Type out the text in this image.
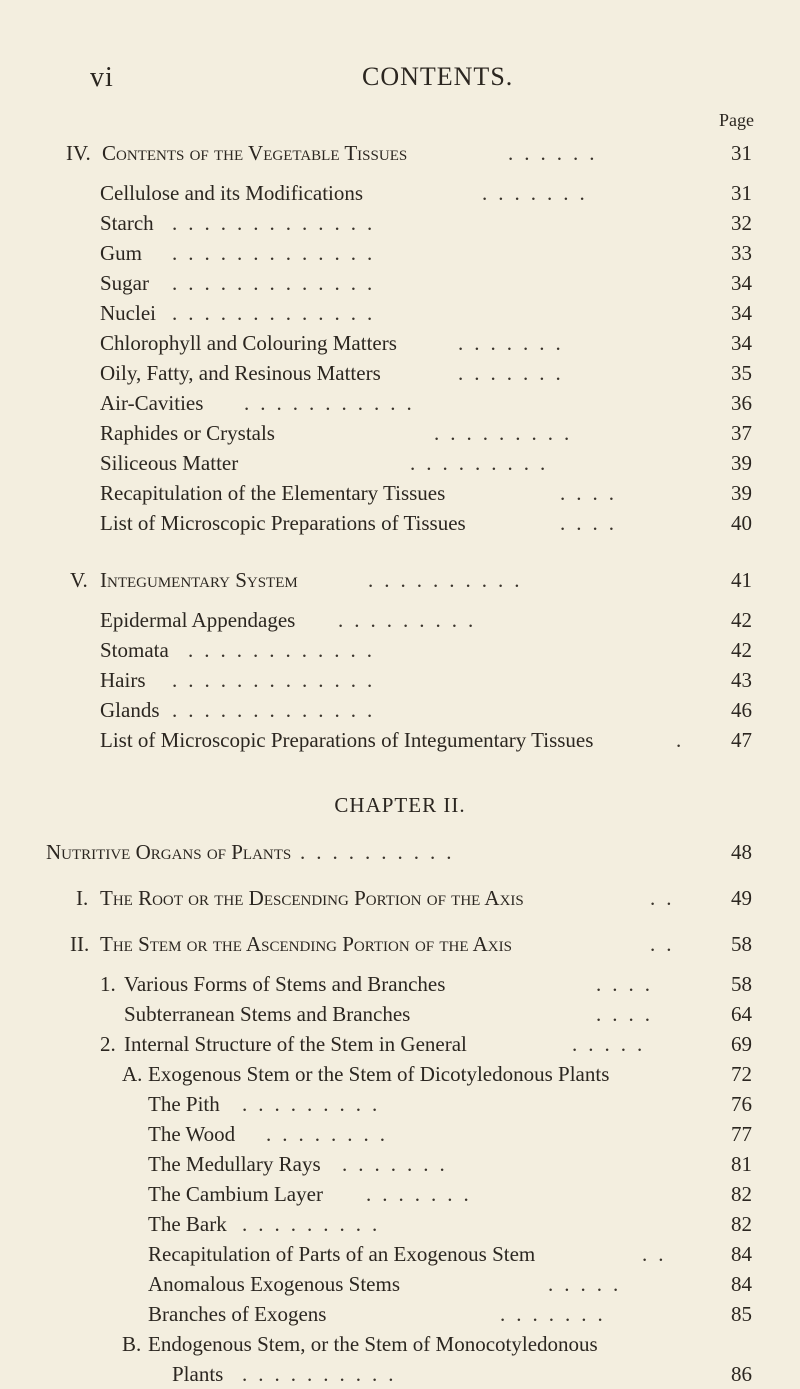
vi	CONTENTS.
Page
IV. Contents of the Vegetable Tissues	......	31
Cellulose and its Modifications	.......	31
Starch .............	32
Gum .............	33
Sugar .............	34
Nuclei .............	34
Chlorophyll and Colouring Matters	.......	34
Oily, Fatty, and Resinous Matters	.......	35
Air-Cavities ...........	36
Raphides or Crystals	.........	37
Siliceous Matter	.........	39
Recapitulation of the Elementary Tissues	....	39
List of Microscopic Preparations of Tissues	....	40
V. Integumentary System	..........	41
Epidermal Appendages .........	42
Stomata ............	42
Hairs .............	43
Glands .............	46
List of Microscopic Preparations of Integumentary Tissues	.	47
CHAPTER II.
Nutritive Organs of Plants ..........	48
I. The Root or the Descending Portion of the Axis	..	49
II. The Stem or the Ascending Portion of the Axis	..	58
1. Various Forms of Stems and Branches	....	58
Subterranean Stems and Branches	....	64
2. Internal Structure of the Stem in General	.....	69
A. Exogenous Stem or the Stem of Dicotyledonous Plants	72
The Pith .........	76
The Wood ........	77
The Medullary Rays .......	81
The Cambium Layer .......	82
The Bark .........	82
Recapitulation of Parts of an Exogenous Stem	..	84
Anomalous Exogenous Stems	.....	84
Branches of Exogens	.......	85
B. Endogenous Stem, or the Stem of Monocotyledonous
Plants ..........	86
